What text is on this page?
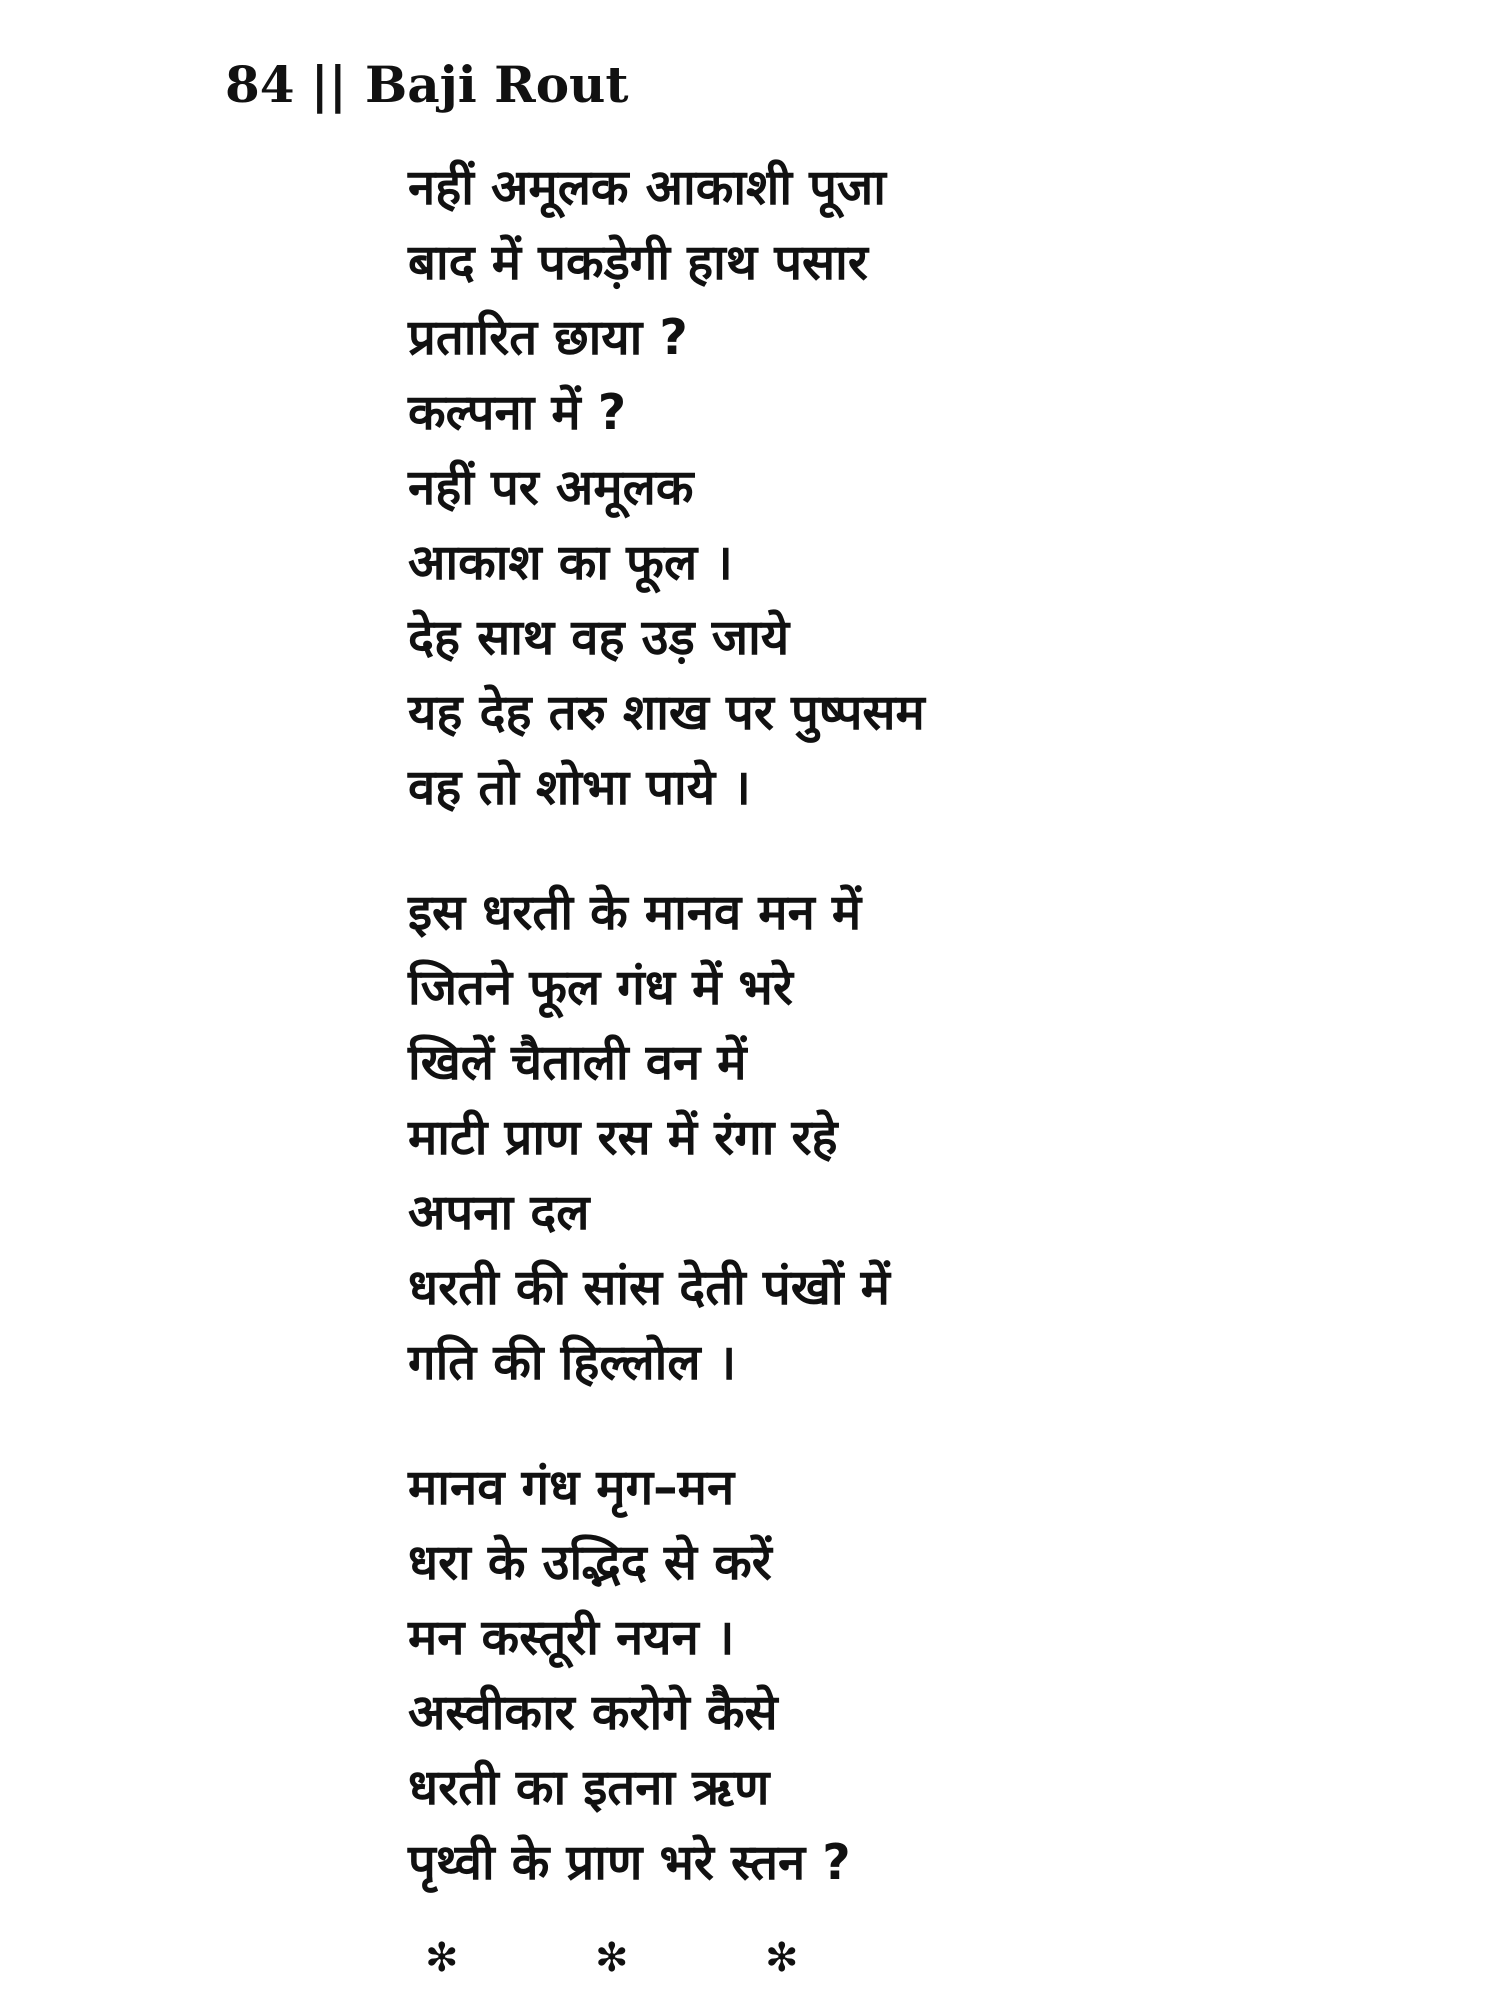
84 || Baji Rout
नहीं अमूलक आकाशी पूजा
बाद में पकड़ेगी हाथ पसार
प्रतारित छाया ?
कल्पना में ?
नहीं पर अमूलक
आकाश का फूल ।
देह साथ वह उड़ जाये
यह देह तरु शाख पर पुष्पसम
वह तो शोभा पाये ।
इस धरती के मानव मन में
जितने फूल गंध में भरे
खिलें चैताली वन में
माटी प्राण रस में रंगा रहे
अपना दल
धरती की सांस देती पंखों में
गति की हिल्लोल ।
मानव गंध मृग–मन
धरा के उद्भिद से करें
मन कस्तूरी नयन ।
अस्वीकार करोगे कैसे
धरती का इतना ऋण
पृथ्वी के प्राण भरे स्तन ?
✻	✻	✻
